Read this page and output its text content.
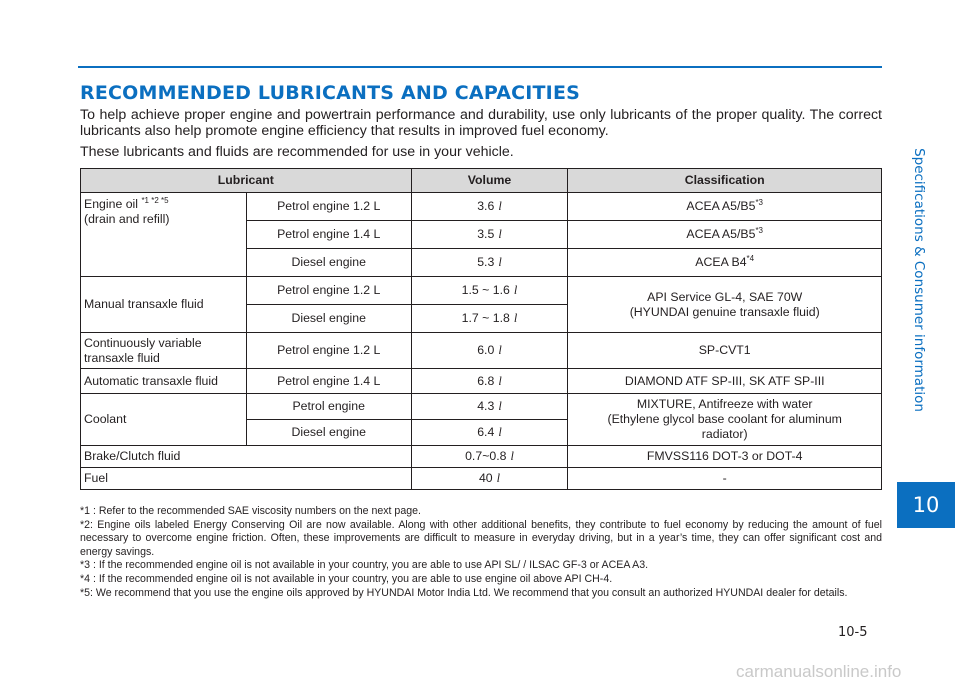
RECOMMENDED LUBRICANTS AND CAPACITIES
To help achieve proper engine and powertrain performance and durability, use only lubricants of the proper quality. The correct lubricants also help promote engine efficiency that results in improved fuel economy.
These lubricants and fluids are recommended for use in your vehicle.
Lubricant		Volume	Classification
Engine oil $^{*1 *2 *5}$
(drain and refill)	Petrol engine 1.2 L	3.6 l	ACEA A5/B5$^{*3}$
	Petrol engine 1.4 L	3.5 l	ACEA A5/B5$^{*3}$
	Diesel engine	5.3 l	ACEA B4$^{*4}$
Manual transaxle fluid	Petrol engine 1.2 L	1.5 ~ 1.6 l	API Service GL-4, SAE 70W
(HYUNDAI genuine transaxle fluid)
	Diesel engine	1.7 ~ 1.8 l	
Continuously variable
transaxle fluid	Petrol engine 1.2 L	6.0 l	SP-CVT1
Automatic transaxle fluid	Petrol engine 1.4 L	6.8 l	DIAMOND ATF SP-III, SK ATF SP-III
Coolant	Petrol engine	4.3 l	MIXTURE, Antifreeze with water
(Ethylene glycol base coolant for aluminum
radiator)
	Diesel engine	6.4 l	
Brake/Clutch fluid		0.7~0.8 l	FMVSS116 DOT-3 or DOT-4
Fuel		40 l	-

*1 : Refer to the recommended SAE viscosity numbers on the next page.

*2: Engine oils labeled Energy Conserving Oil are now available. Along with other additional benefits, they contribute to fuel economy by reducing the amount of fuel necessary to overcome engine friction. Often, these improvements are difficult to measure in everyday driving, but in a year’s time, they can offer significant cost and energy savings.

*3 : If the recommended engine oil is not available in your country, you are able to use API SL/ / ILSAC GF-3 or ACEA A3.

*4 : If the recommended engine oil is not available in your country, you are able to use engine oil above API CH-4.

*5: We recommend that you use the engine oils approved by HYUNDAI Motor India Ltd. We recommend that you consult an authorized HYUNDAI dealer for details.

Specifications & Consumer information
10
10-5
carmanualsonline.info
